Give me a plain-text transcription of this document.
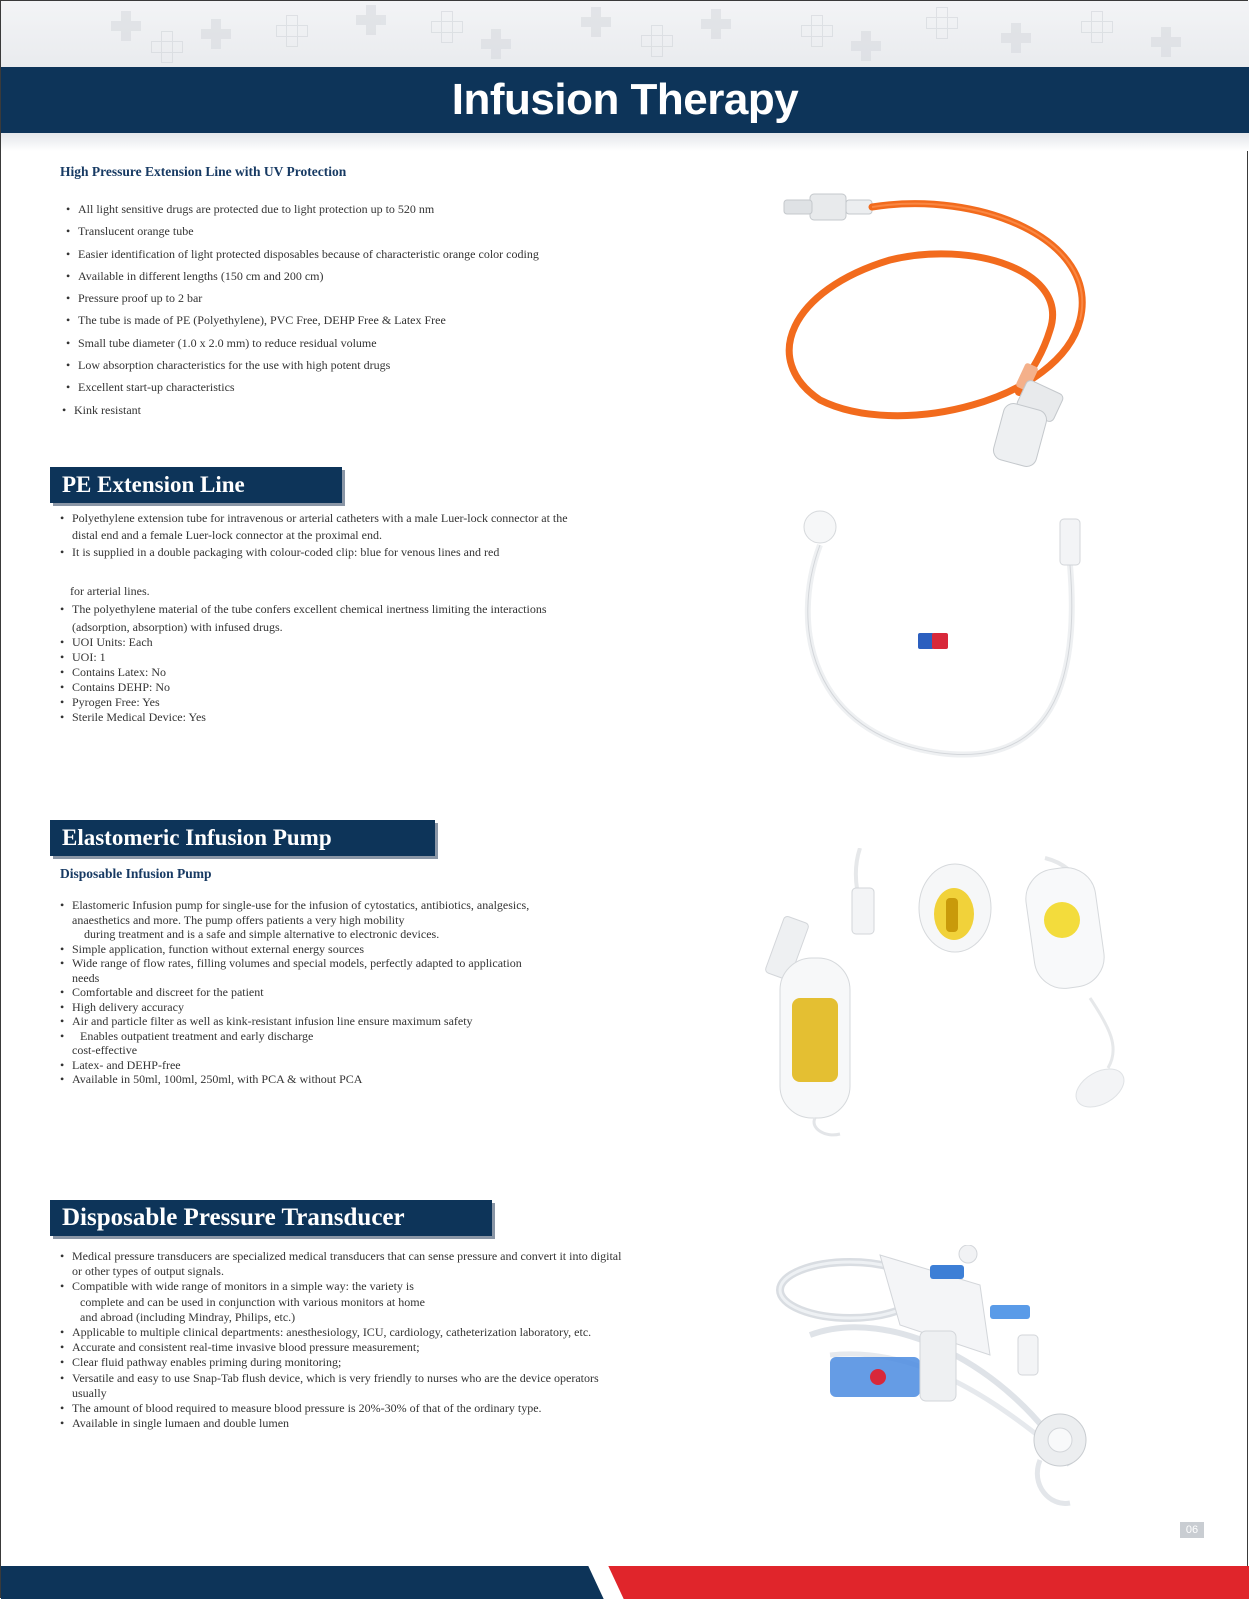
Infusion Therapy
High Pressure Extension Line with UV Protection
• All light sensitive drugs are protected due to light protection up to 520 nm
• Translucent orange tube
• Easier identification of light protected disposables because of characteristic orange color coding
• Available in different lengths (150 cm and 200 cm)
• Pressure proof up to 2 bar
• The tube is made of PE (Polyethylene), PVC Free, DEHP Free & Latex Free
• Small tube diameter (1.0 x 2.0 mm) to reduce residual volume
• Low absorption characteristics for the use with high potent drugs
• Excellent start-up characteristics
• Kink resistant
PE Extension Line
• Polyethylene extension tube for intravenous or arterial catheters with a male Luer-lock connector at the
distal end and a female Luer-lock connector at the proximal end.
• It is supplied in a double packaging with colour-coded clip: blue for venous lines and red
for arterial lines.
• The polyethylene material of the tube confers excellent chemical inertness limiting the interactions
(adsorption, absorption) with infused drugs.
• UOI Units: Each
• UOI: 1
• Contains Latex: No
• Contains DEHP: No
• Pyrogen Free: Yes
• Sterile Medical Device: Yes
Elastomeric Infusion Pump
Disposable Infusion Pump
• Elastomeric Infusion pump for single-use for the infusion of cytostatics, antibiotics, analgesics,
anaesthetics and more. The pump offers patients a very high mobility
during treatment and is a safe and simple alternative to electronic devices.
• Simple application, function without external energy sources
• Wide range of flow rates, filling volumes and special models, perfectly adapted to application
needs
• Comfortable and discreet for the patient
• High delivery accuracy
• Air and particle filter as well as kink-resistant infusion line ensure maximum safety
• Enables outpatient treatment and early discharge
cost-effective
• Latex- and DEHP-free
• Available in 50ml, 100ml, 250ml, with PCA & without PCA
Disposable Pressure Transducer
• Medical pressure transducers are specialized medical transducers that can sense pressure and convert it into digital
or other types of output signals.
• Compatible with wide range of monitors in a simple way: the variety is
complete and can be used in conjunction with various monitors at home
and abroad (including Mindray, Philips, etc.)
• Applicable to multiple clinical departments: anesthesiology, ICU, cardiology, catheterization laboratory, etc.
• Accurate and consistent real-time invasive blood pressure measurement;
• Clear fluid pathway enables priming during monitoring;
• Versatile and easy to use Snap-Tab flush device, which is very friendly to nurses who are the device operators
usually
• The amount of blood required to measure blood pressure is 20%-30% of that of the ordinary type.
• Available in single lumaen and double lumen
06
